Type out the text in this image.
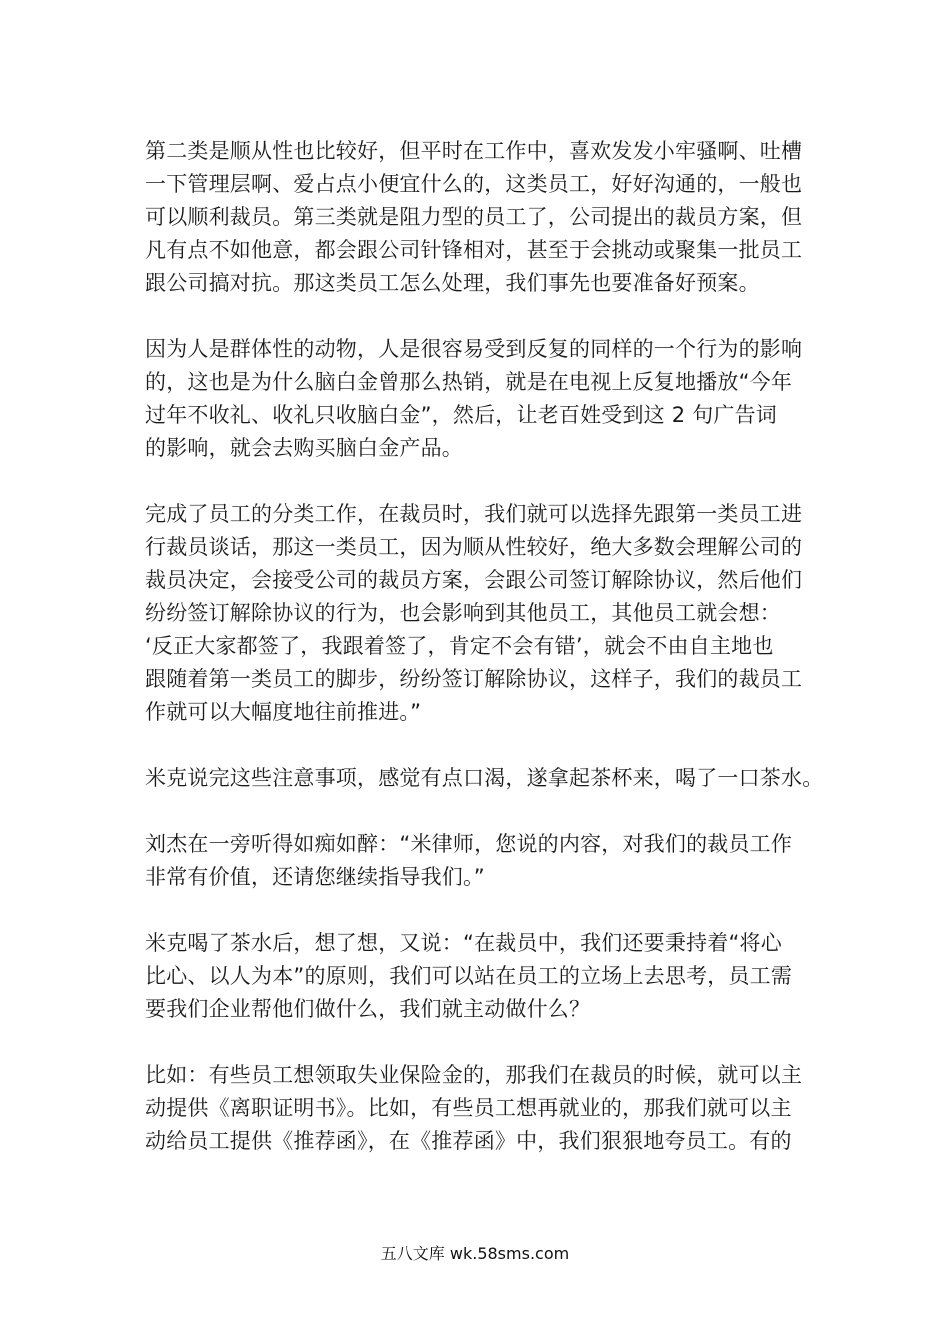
第二类是顺从性也比较好，但平时在工作中，喜欢发发小牢骚啊、吐槽
一下管理层啊、爱占点小便宜什么的，这类员工，好好沟通的，一般也
可以顺利裁员。第三类就是阻力型的员工了，公司提出的裁员方案，但
凡有点不如他意，都会跟公司针锋相对，甚至于会挑动或聚集一批员工
跟公司搞对抗。那这类员工怎么处理，我们事先也要准备好预案。

因为人是群体性的动物，人是很容易受到反复的同样的一个行为的影响
的，这也是为什么脑白金曾那么热销，就是在电视上反复地播放“今年
过年不收礼、收礼只收脑白金”，然后，让老百姓受到这 2 句广告词
的影响，就会去购买脑白金产品。

完成了员工的分类工作，在裁员时，我们就可以选择先跟第一类员工进
行裁员谈话，那这一类员工，因为顺从性较好，绝大多数会理解公司的
裁员决定，会接受公司的裁员方案，会跟公司签订解除协议，然后他们
纷纷签订解除协议的行为，也会影响到其他员工，其他员工就会想：
‘反正大家都签了，我跟着签了，肯定不会有错’，就会不由自主地也
跟随着第一类员工的脚步，纷纷签订解除协议，这样子，我们的裁员工
作就可以大幅度地往前推进。”

米克说完这些注意事项，感觉有点口渴，遂拿起茶杯来，喝了一口茶水。

刘杰在一旁听得如痴如醉：“米律师，您说的内容，对我们的裁员工作
非常有价值，还请您继续指导我们。”

米克喝了茶水后，想了想，又说：“在裁员中，我们还要秉持着“将心
比心、以人为本”的原则，我们可以站在员工的立场上去思考，员工需
要我们企业帮他们做什么，我们就主动做什么？

比如：有些员工想领取失业保险金的，那我们在裁员的时候，就可以主
动提供《离职证明书》。比如，有些员工想再就业的，那我们就可以主
动给员工提供《推荐函》，在《推荐函》中，我们狠狠地夸员工。有的

五八文库 wk.58sms.com
